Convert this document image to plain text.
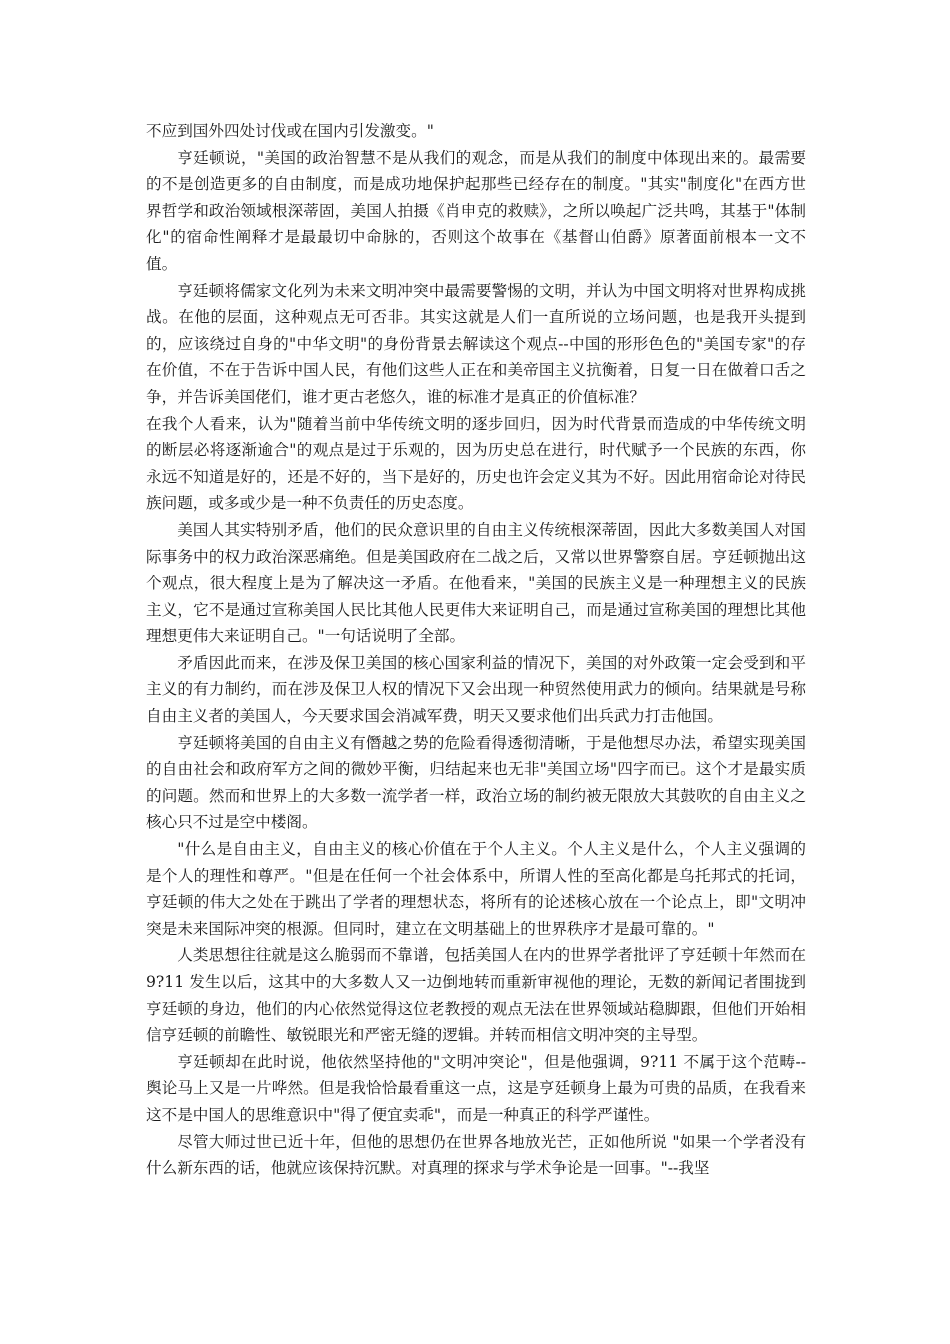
不应到国外四处讨伐或在国内引发激变。"

亨廷顿说，"美国的政治智慧不是从我们的观念，而是从我们的制度中体现出来的。最需要的不是创造更多的自由制度，而是成功地保护起那些已经存在的制度。"其实"制度化"在西方世界哲学和政治领域根深蒂固，美国人拍摄《肖申克的救赎》，之所以唤起广泛共鸣，其基于"体制化"的宿命性阐释才是最最切中命脉的，否则这个故事在《基督山伯爵》原著面前根本一文不值。

亨廷顿将儒家文化列为未来文明冲突中最需要警惕的文明，并认为中国文明将对世界构成挑战。在他的层面，这种观点无可否非。其实这就是人们一直所说的立场问题，也是我开头提到的，应该绕过自身的"中华文明"的身份背景去解读这个观点--中国的形形色色的"美国专家"的存在价值，不在于告诉中国人民，有他们这些人正在和美帝国主义抗衡着，日复一日在做着口舌之争，并告诉美国佬们，谁才更古老悠久，谁的标准才是真正的价值标准？

在我个人看来，认为"随着当前中华传统文明的逐步回归，因为时代背景而造成的中华传统文明的断层必将逐渐逾合"的观点是过于乐观的，因为历史总在进行，时代赋予一个民族的东西，你永远不知道是好的，还是不好的，当下是好的，历史也许会定义其为不好。因此用宿命论对待民族问题，或多或少是一种不负责任的历史态度。

美国人其实特别矛盾，他们的民众意识里的自由主义传统根深蒂固，因此大多数美国人对国际事务中的权力政治深恶痛绝。但是美国政府在二战之后，又常以世界警察自居。亨廷顿抛出这个观点，很大程度上是为了解决这一矛盾。在他看来，"美国的民族主义是一种理想主义的民族主义，它不是通过宣称美国人民比其他人民更伟大来证明自己，而是通过宣称美国的理想比其他理想更伟大来证明自己。"一句话说明了全部。

矛盾因此而来，在涉及保卫美国的核心国家利益的情况下，美国的对外政策一定会受到和平主义的有力制约，而在涉及保卫人权的情况下又会出现一种贸然使用武力的倾向。结果就是号称自由主义者的美国人，今天要求国会消减军费，明天又要求他们出兵武力打击他国。

亨廷顿将美国的自由主义有僭越之势的危险看得透彻清晰，于是他想尽办法，希望实现美国的自由社会和政府军方之间的微妙平衡，归结起来也无非"美国立场"四字而已。这个才是最实质的问题。然而和世界上的大多数一流学者一样，政治立场的制约被无限放大其鼓吹的自由主义之核心只不过是空中楼阁。

"什么是自由主义，自由主义的核心价值在于个人主义。个人主义是什么，个人主义强调的是个人的理性和尊严。"但是在任何一个社会体系中，所谓人性的至高化都是乌托邦式的托词，亨廷顿的伟大之处在于跳出了学者的理想状态，将所有的论述核心放在一个论点上，即"文明冲突是未来国际冲突的根源。但同时，建立在文明基础上的世界秩序才是最可靠的。"

人类思想往往就是这么脆弱而不靠谱，包括美国人在内的世界学者批评了亨廷顿十年然而在 9?11 发生以后，这其中的大多数人又一边倒地转而重新审视他的理论，无数的新闻记者围拢到亨廷顿的身边，他们的内心依然觉得这位老教授的观点无法在世界领域站稳脚跟，但他们开始相信亨廷顿的前瞻性、敏锐眼光和严密无缝的逻辑。并转而相信文明冲突的主导型。

亨廷顿却在此时说，他依然坚持他的"文明冲突论"，但是他强调，9?11 不属于这个范畴--舆论马上又是一片哗然。但是我恰恰最看重这一点，这是亨廷顿身上最为可贵的品质，在我看来这不是中国人的思维意识中"得了便宜卖乖"，而是一种真正的科学严谨性。

尽管大师过世已近十年，但他的思想仍在世界各地放光芒，正如他所说 "如果一个学者没有什么新东西的话，他就应该保持沉默。对真理的探求与学术争论是一回事。"--我坚
